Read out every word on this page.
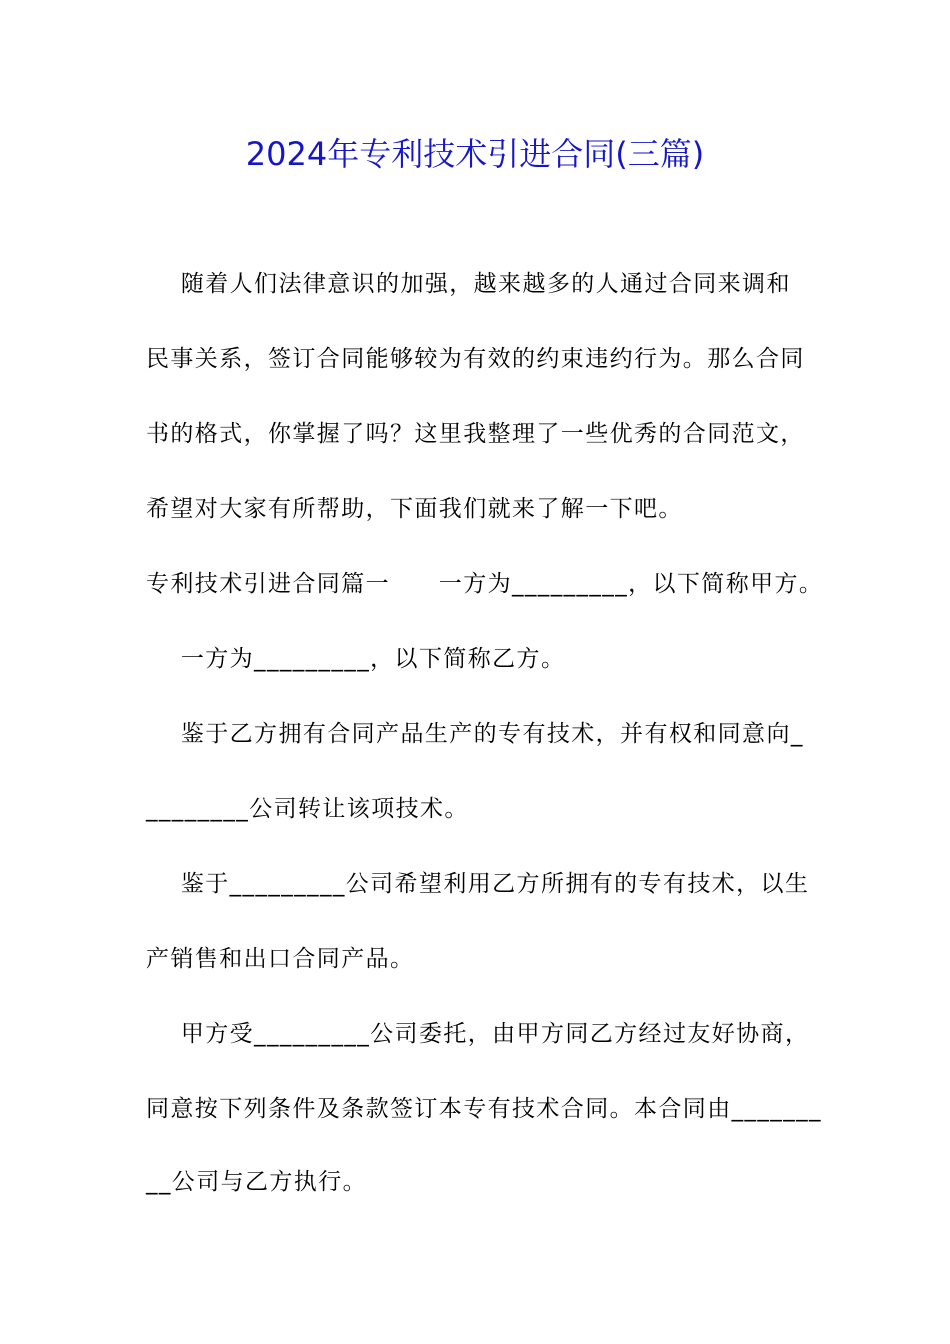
2024年专利技术引进合同(三篇)
随着人们法律意识的加强，越来越多的人通过合同来调和
民事关系，签订合同能够较为有效的约束违约行为。那么合同
书的格式，你掌握了吗？这里我整理了一些优秀的合同范文，
希望对大家有所帮助，下面我们就来了解一下吧。
专利技术引进合同篇一　　一方为_________，以下简称甲方。
一方为_________，以下简称乙方。
鉴于乙方拥有合同产品生产的专有技术，并有权和同意向_
________公司转让该项技术。
鉴于_________公司希望利用乙方所拥有的专有技术，以生
产销售和出口合同产品。
甲方受_________公司委托，由甲方同乙方经过友好协商，
同意按下列条件及条款签订本专有技术合同。本合同由_______
__公司与乙方执行。
